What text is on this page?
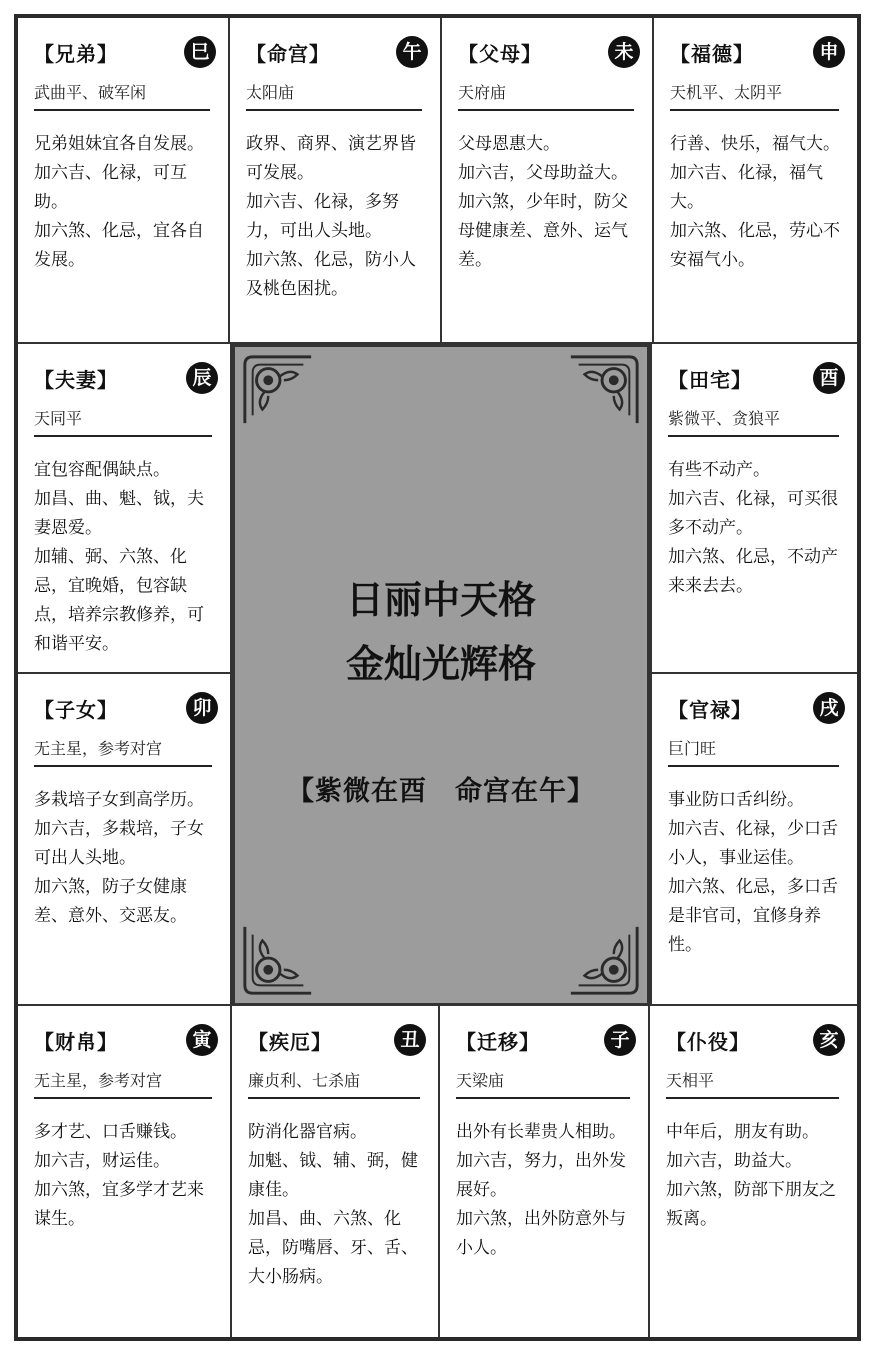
【兄弟】	巳
武曲平、破军闲
兄弟姐妹宜各自发展。
加六吉、化禄，可互助。
加六煞、化忌，宜各自发展。
【命宫】	午
太阳庙
政界、商界、演艺界皆可发展。
加六吉、化禄，多努力，可出人头地。
加六煞、化忌，防小人及桃色困扰。
【父母】	未
天府庙
父母恩惠大。
加六吉，父母助益大。
加六煞，少年时，防父母健康差、意外、运气差。
【福德】	申
天机平、太阴平
行善、快乐，福气大。
加六吉、化禄，福气大。
加六煞、化忌，劳心不安福气小。
【夫妻】	辰
天同平
宜包容配偶缺点。
加昌、曲、魁、钺，夫妻恩爱。
加辅、弼、六煞、化忌，宜晚婚，包容缺点，培养宗教修养，可和谐平安。
【子女】	卯
无主星，参考对宫
多栽培子女到高学历。
加六吉，多栽培，子女可出人头地。
加六煞，防子女健康差、意外、交恶友。
【田宅】	酉
紫微平、贪狼平
有些不动产。
加六吉、化禄，可买很多不动产。
加六煞、化忌，不动产来来去去。
【官禄】	戌
巨门旺
事业防口舌纠纷。
加六吉、化禄，少口舌小人，事业运佳。
加六煞、化忌，多口舌是非官司，宜修身养性。
【财帛】	寅
无主星，参考对宫
多才艺、口舌赚钱。
加六吉，财运佳。
加六煞，宜多学才艺来谋生。
【疾厄】	丑
廉贞利、七杀庙
防消化器官病。
加魁、钺、辅、弼，健康佳。
加昌、曲、六煞、化忌，防嘴唇、牙、舌、大小肠病。
【迁移】	子
天梁庙
出外有长辈贵人相助。
加六吉，努力，出外发展好。
加六煞，出外防意外与小人。
【仆役】	亥
天相平
中年后，朋友有助。
加六吉，助益大。
加六煞，防部下朋友之叛离。
日丽中天格
金灿光辉格
【紫微在酉　命宫在午】
